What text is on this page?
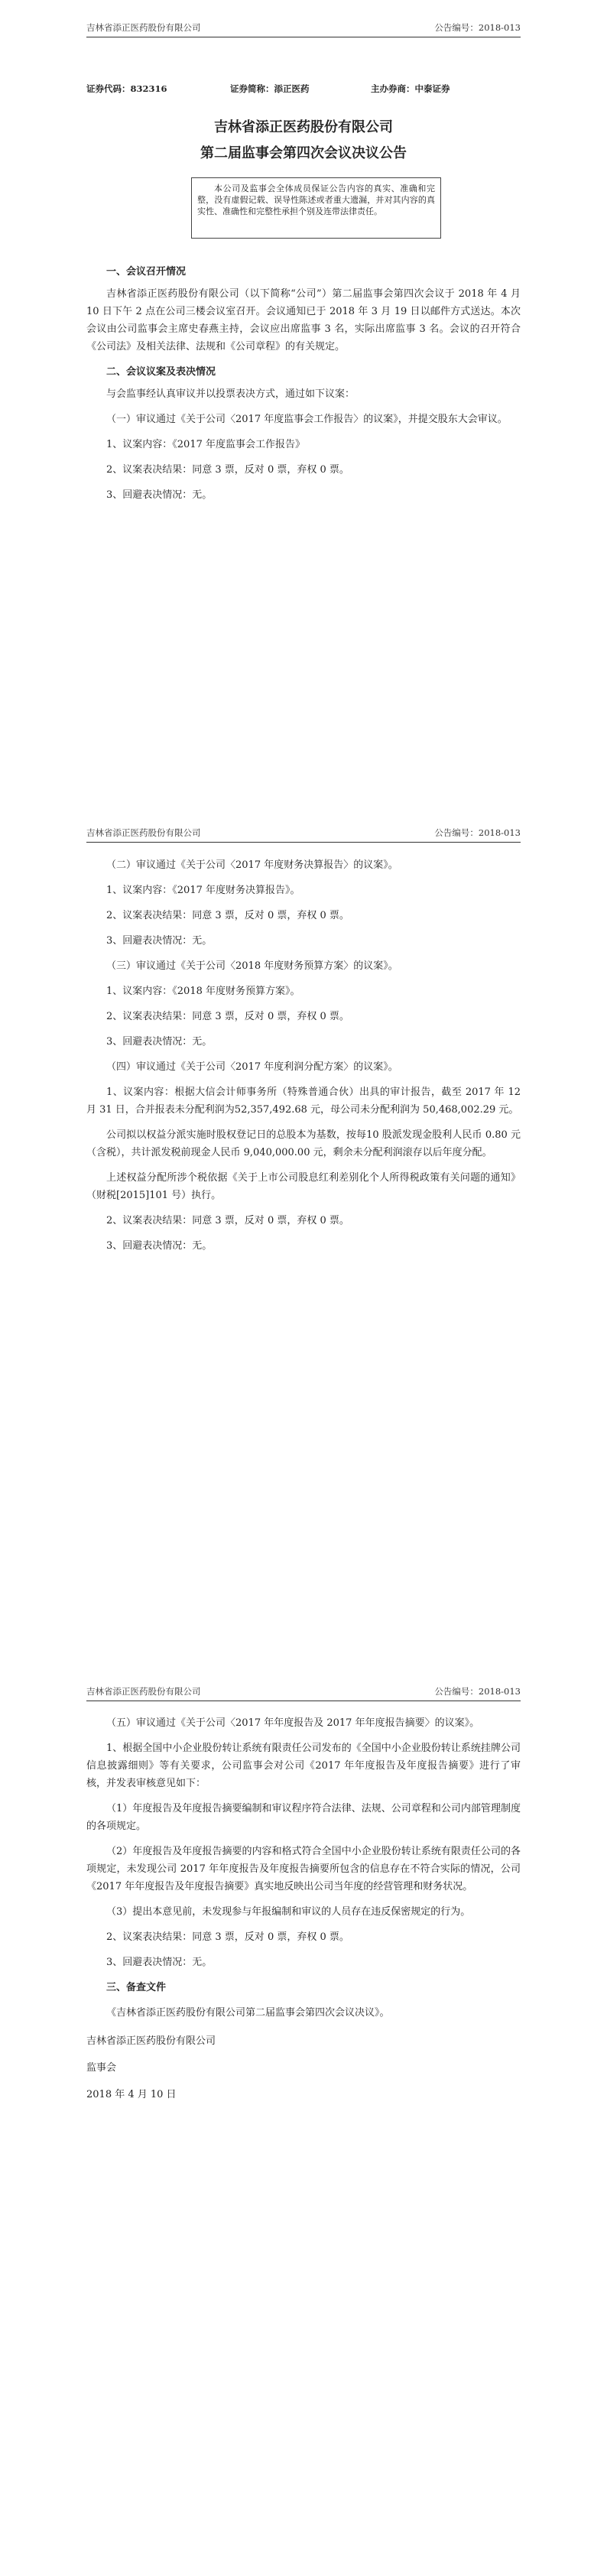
吉林省添正医药股份有限公司	公告编号：2018-013
证券代码：832316	证券简称：添正医药	主办券商：中泰证券
吉林省添正医药股份有限公司
第二届监事会第四次会议决议公告

本公司及监事会全体成员保证公告内容的真实、准确和完整，没有虚假记载、误导性陈述或者重大遗漏，并对其内容的真实性、准确性和完整性承担个别及连带法律责任。

一、会议召开情况

吉林省添正医药股份有限公司（以下简称“公司”）第二届监事会第四次会议于 2018 年 4 月 10 日下午 2 点在公司三楼会议室召开。会议通知已于 2018 年 3 月 19 日以邮件方式送达。本次会议由公司监事会主席史春燕主持，会议应出席监事 3 名，实际出席监事 3 名。会议的召开符合《公司法》及相关法律、法规和《公司章程》的有关规定。

二、会议议案及表决情况

与会监事经认真审议并以投票表决方式，通过如下议案：

（一）审议通过《关于公司〈2017 年度监事会工作报告〉的议案》，并提交股东大会审议。

1、议案内容：《2017 年度监事会工作报告》

2、议案表决结果：同意 3 票，反对 0 票，弃权 0 票。

3、回避表决情况：无。

吉林省添正医药股份有限公司	公告编号：2018-013

（二）审议通过《关于公司〈2017 年度财务决算报告〉的议案》。

1、议案内容：《2017 年度财务决算报告》。

2、议案表决结果：同意 3 票，反对 0 票，弃权 0 票。

3、回避表决情况：无。

（三）审议通过《关于公司〈2018 年度财务预算方案〉的议案》。

1、议案内容：《2018 年度财务预算方案》。

2、议案表决结果：同意 3 票，反对 0 票，弃权 0 票。

3、回避表决情况：无。

（四）审议通过《关于公司〈2017 年度利润分配方案〉的议案》。

1、议案内容：根据大信会计师事务所（特殊普通合伙）出具的审计报告，截至 2017 年 12 月 31 日，合并报表未分配利润为52,357,492.68 元，母公司未分配利润为 50,468,002.29 元。

公司拟以权益分派实施时股权登记日的总股本为基数，按每10 股派发现金股利人民币 0.80 元（含税），共计派发税前现金人民币 9,040,000.00 元，剩余未分配利润滚存以后年度分配。

上述权益分配所涉个税依据《关于上市公司股息红利差别化个人所得税政策有关问题的通知》（财税[2015]101 号）执行。

2、议案表决结果：同意 3 票，反对 0 票，弃权 0 票。

3、回避表决情况：无。

吉林省添正医药股份有限公司	公告编号：2018-013

（五）审议通过《关于公司〈2017 年年度报告及 2017 年年度报告摘要〉的议案》。

1、根据全国中小企业股份转让系统有限责任公司发布的《全国中小企业股份转让系统挂牌公司信息披露细则》等有关要求，公司监事会对公司《2017 年年度报告及年度报告摘要》进行了审核，并发表审核意见如下：

（1）年度报告及年度报告摘要编制和审议程序符合法律、法规、公司章程和公司内部管理制度的各项规定。

（2）年度报告及年度报告摘要的内容和格式符合全国中小企业股份转让系统有限责任公司的各项规定，未发现公司 2017 年年度报告及年度报告摘要所包含的信息存在不符合实际的情况，公司《2017 年年度报告及年度报告摘要》真实地反映出公司当年度的经营管理和财务状况。

（3）提出本意见前，未发现参与年报编制和审议的人员存在违反保密规定的行为。

2、议案表决结果：同意 3 票，反对 0 票，弃权 0 票。

3、回避表决情况：无。

三、备查文件

《吉林省添正医药股份有限公司第二届监事会第四次会议决议》。

吉林省添正医药股份有限公司

监事会

2018 年 4 月 10 日
